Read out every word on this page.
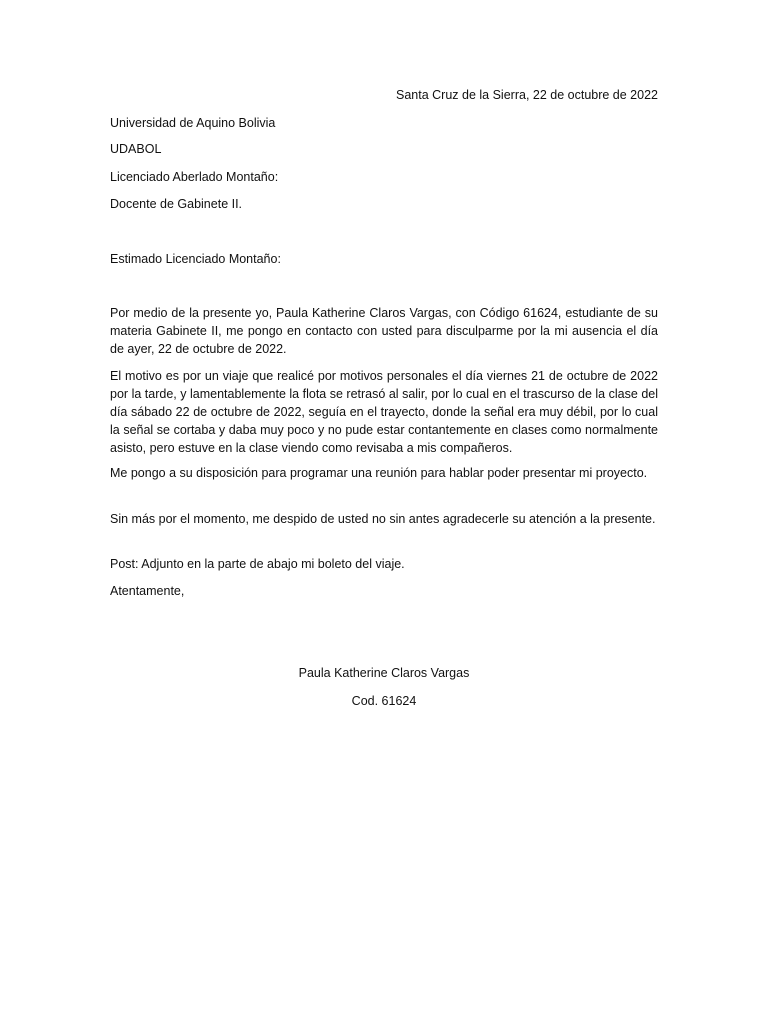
Santa Cruz de la Sierra, 22 de octubre de 2022

Universidad de Aquino Bolivia

UDABOL

Licenciado Aberlado Montaño:

Docente de Gabinete II.

Estimado Licenciado Montaño:

Por medio de la presente yo, Paula Katherine Claros Vargas, con Código 61624, estudiante de su materia Gabinete II, me pongo en contacto con usted para disculparme por la mi ausencia el día de ayer, 22 de octubre de 2022.

El motivo es por un viaje que realicé por motivos personales el día viernes 21 de octubre de 2022 por la tarde, y lamentablemente la flota se retrasó al salir, por lo cual en el trascurso de la clase del día sábado 22 de octubre de 2022, seguía en el trayecto, donde la señal era muy débil, por lo cual la señal se cortaba y daba muy poco y no pude estar contantemente en clases como normalmente asisto, pero estuve en la clase viendo como revisaba a mis compañeros.

Me pongo a su disposición para programar una reunión para hablar poder presentar mi proyecto.

Sin más por el momento, me despido de usted no sin antes agradecerle su atención a la presente.

Post: Adjunto en la parte de abajo mi boleto del viaje.

Atentamente,

Paula Katherine Claros Vargas

Cod. 61624
